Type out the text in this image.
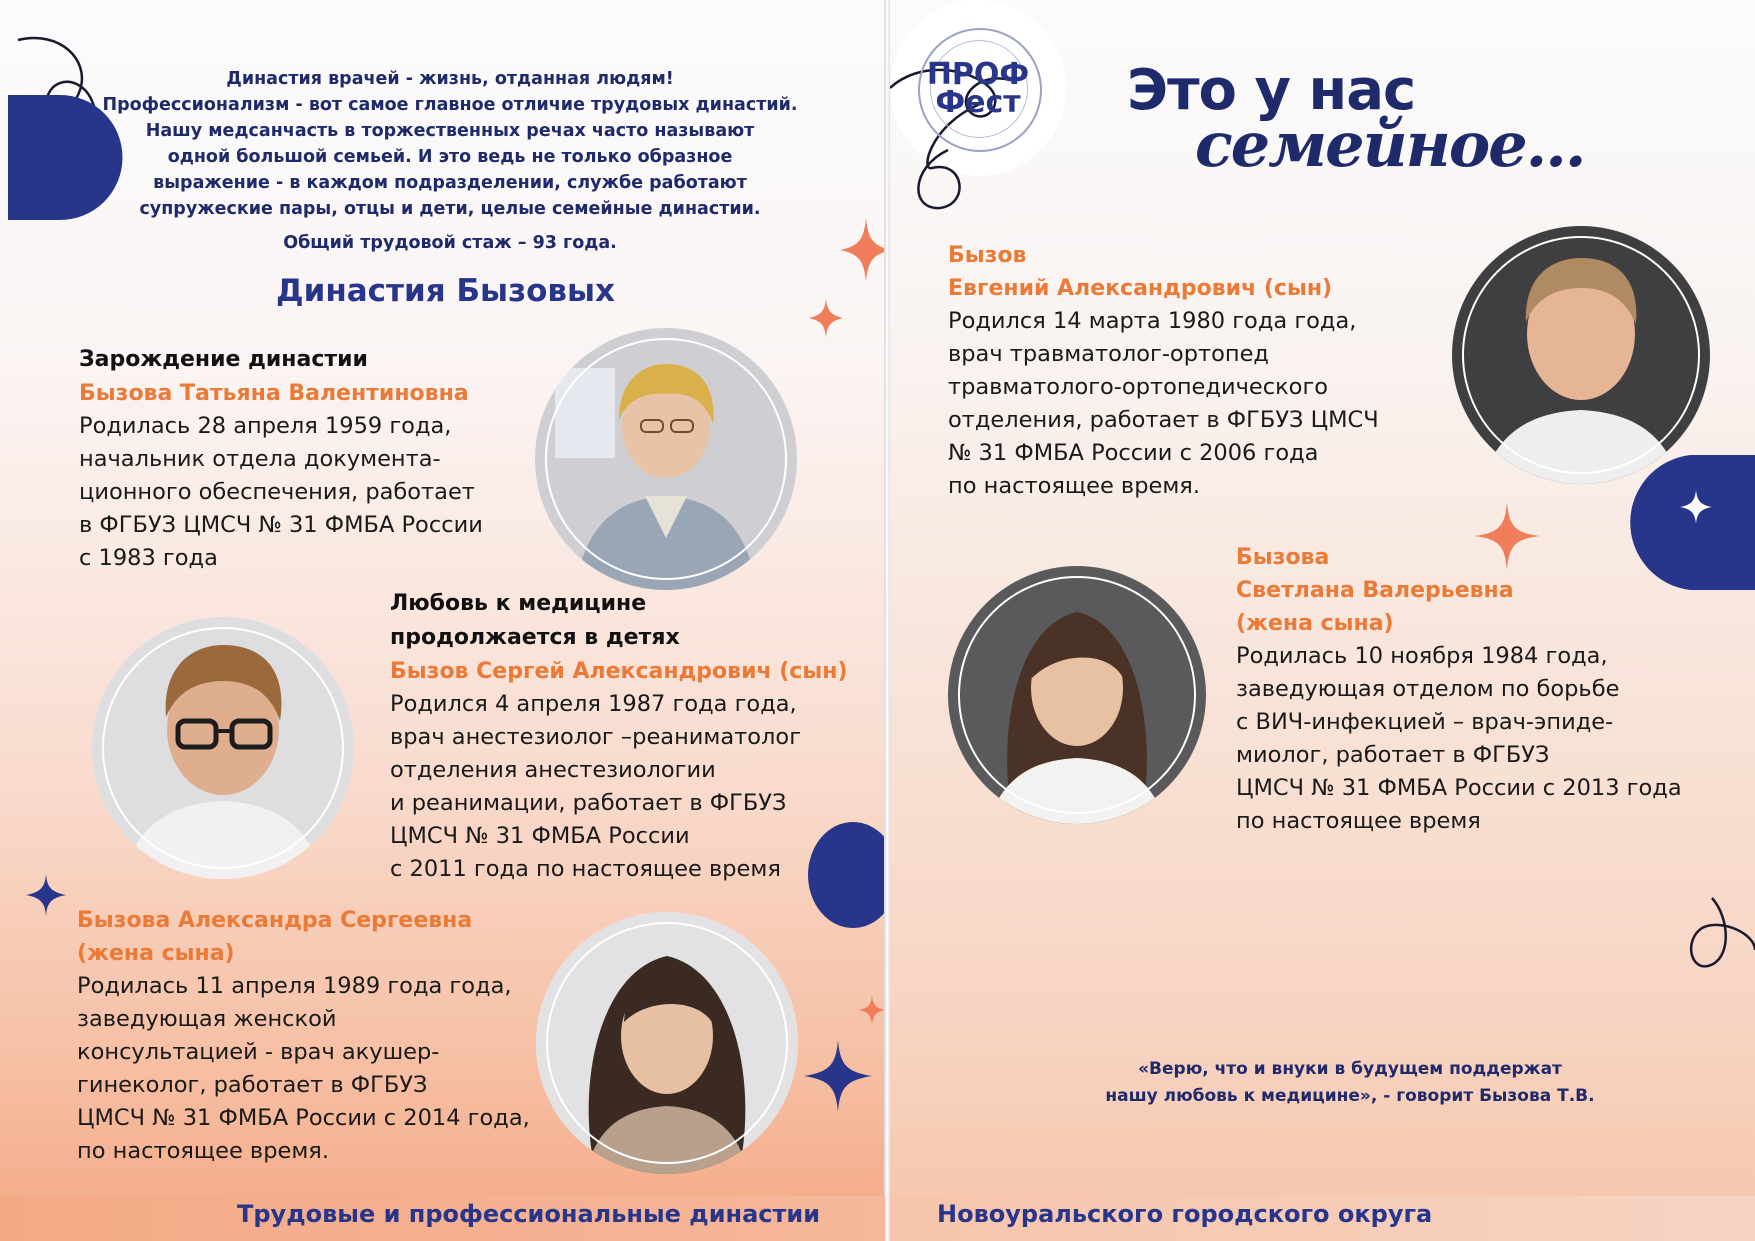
Династия врачей - жизнь, отданная людям!

Профессионализм - вот самое главное отличие трудовых династий.

Нашу медсанчасть в торжественных речах часто называют

одной большой семьей. И это ведь не только образное

выражение - в каждом подразделении, службе работают

супружеские пары, отцы и дети, целые семейные династии.

Общий трудовой стаж – 93 года.

Династия Бызовых
Зарождение династии
Бызова Татьяна Валентиновна

Родилась 28 апреля 1959 года,
начальник отдела документа-
ционного обеспечения, работает
в ФГБУЗ ЦМСЧ № 31 ФМБА России
с 1983 года

Любовь к медицине
продолжается в детях
Бызов Сергей Александрович (сын)

Родился 4 апреля 1987 года года,
врач анестезиолог –реаниматолог
отделения анестезиологии
и реанимации, работает в ФГБУЗ
ЦМСЧ № 31 ФМБА России
с 2011 года по настоящее время

Бызова Александра Сергеевна
(жена сына)

Родилась 11 апреля 1989 года года,
заведующая женской
консультацией - врач акушер-
гинеколог, работает в ФГБУЗ
ЦМСЧ № 31 ФМБА России с 2014 года,
по настоящее время.

ПРОФ
Фест	Это у нас
семейное...
Бызов
Евгений Александрович (сын)

Родился 14 марта 1980 года года,
врач травматолог-ортопед
травматолого-ортопедического
отделения, работает в ФГБУЗ ЦМСЧ
№ 31 ФМБА России с 2006 года
по настоящее время.

Бызова
Светлана Валерьевна
(жена сына)

Родилась 10 ноября 1984 года,
заведующая отделом по борьбе
с ВИЧ-инфекцией – врач-эпиде-
миолог, работает в ФГБУЗ
ЦМСЧ № 31 ФМБА России с 2013 года
по настоящее время

«Верю, что и внуки в будущем поддержат
нашу любовь к медицине», - говорит Бызова Т.В.
Трудовые и профессиональные династии	Новоуральского городского округа
